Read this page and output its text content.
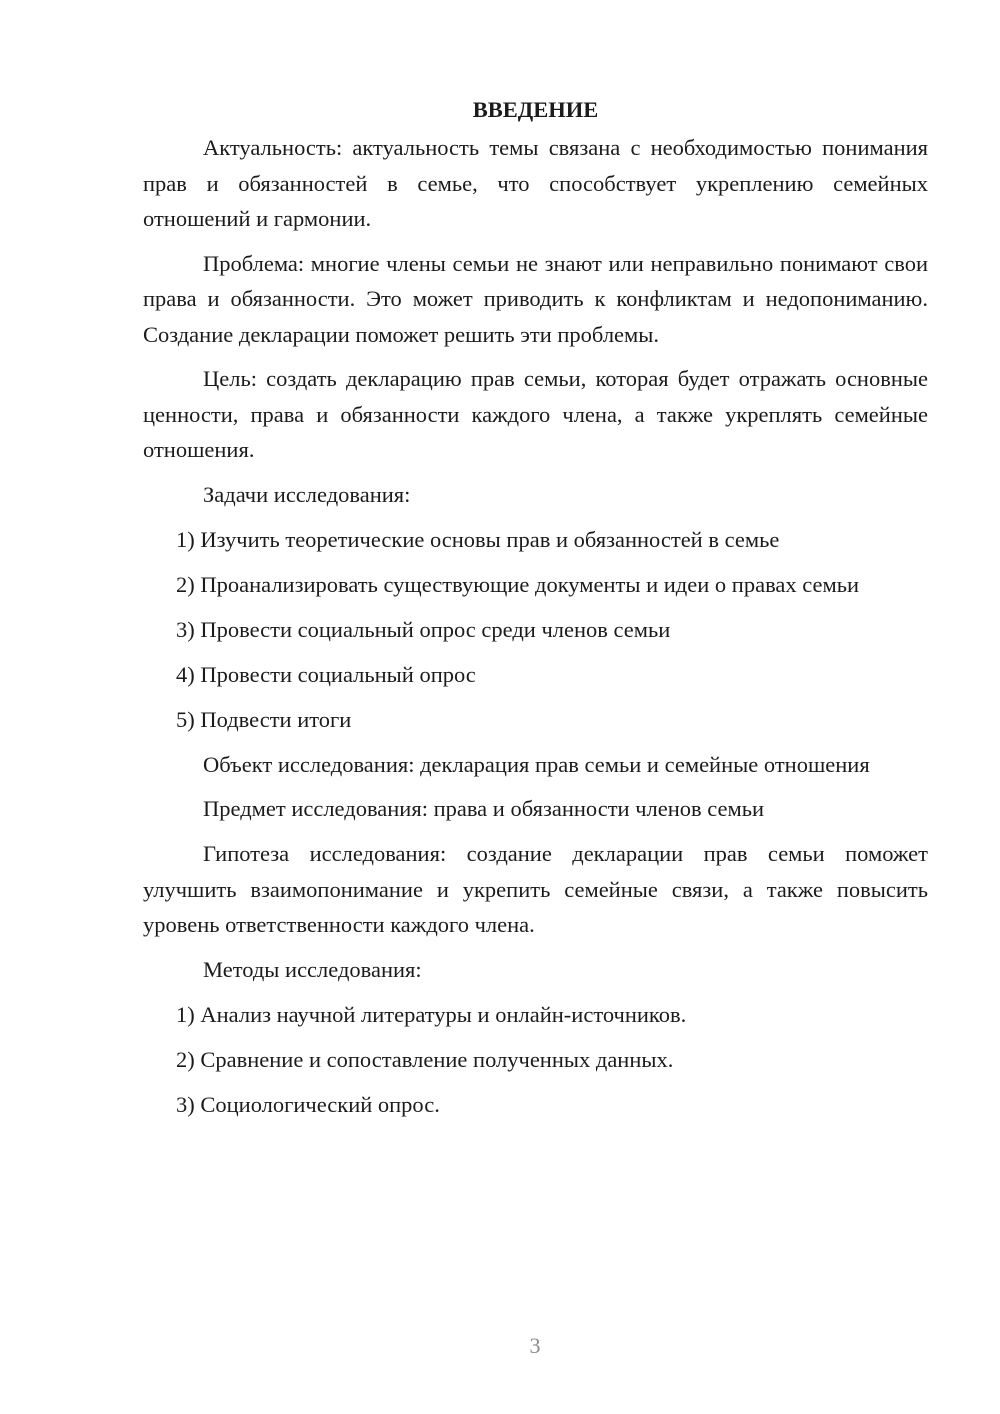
ВВЕДЕНИЕ

Актуальность: актуальность темы связана с необходимостью понимания прав и обязанностей в семье, что способствует укреплению семейных отношений и гармонии.

Проблема: многие члены семьи не знают или неправильно понимают свои права и обязанности. Это может приводить к конфликтам и недопониманию. Создание декларации поможет решить эти проблемы.

Цель: создать декларацию прав семьи, которая будет отражать основные ценности, права и обязанности каждого члена, а также укреплять семейные отношения.

Задачи исследования:

1) Изучить теоретические основы прав и обязанностей в семье
2) Проанализировать существующие документы и идеи о правах семьи
3) Провести социальный опрос среди членов семьи
4) Провести социальный опрос
5) Подвести итоги

Объект исследования: декларация прав семьи и семейные отношения

Предмет исследования: права и обязанности членов семьи

Гипотеза исследования: создание декларации прав семьи поможет улучшить взаимопонимание и укрепить семейные связи, а также повысить уровень ответственности каждого члена.

Методы исследования:

1) Анализ научной литературы и онлайн-источников.
2) Сравнение и сопоставление полученных данных.
3) Социологический опрос.
3
